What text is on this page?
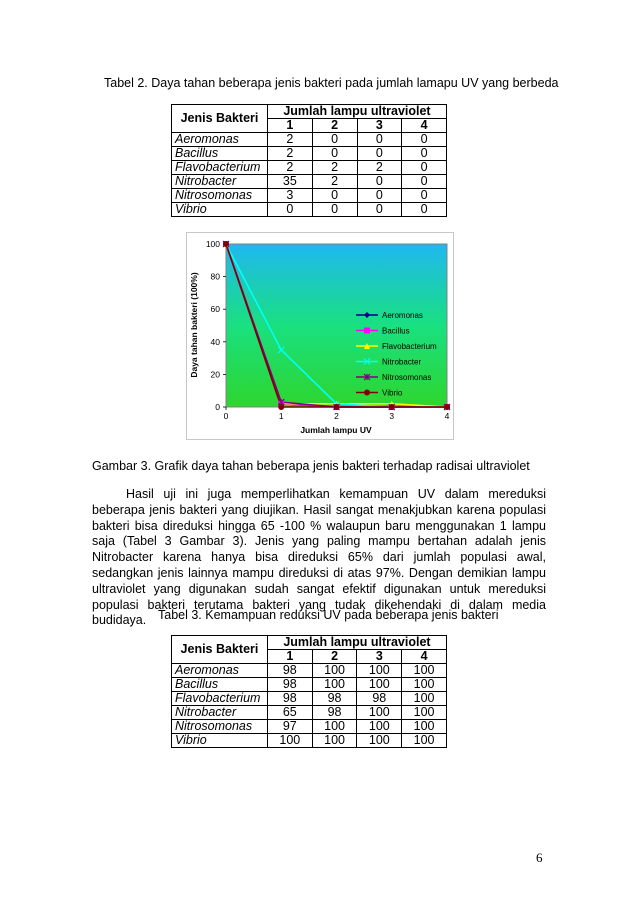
Tabel 2. Daya tahan beberapa jenis bakteri pada jumlah lamapu UV yang berbeda
Jenis Bakteri	Jumlah lampu ultraviolet			
	1	2	3	4
Aeromonas	2	0	0	0
Bacillus	2	0	0	0
Flavobacterium	2	2	2	0
Nitrobacter	35	2	0	0
Nitrosomonas	3	0	0	0
Vibrio	0	0	0	0
0
20
40
60
80
100
0	1	2	3	4
Aeromonas
Bacillus
Flavobacterium
Nitrobacter
Nitrosomonas
Vibrio
Daya tahan bakteri (100%)
Jumlah lampu UV
Gambar 3. Grafik daya tahan beberapa jenis bakteri terhadap radisai ultraviolet

Hasil uji ini juga memperlihatkan kemampuan UV dalam mereduksi beberapa jenis bakteri yang diujikan. Hasil sangat menakjubkan karena populasi bakteri bisa direduksi hingga 65 -100 % walaupun baru menggunakan 1 lampu saja (Tabel 3 Gambar 3). Jenis yang paling mampu bertahan adalah jenis Nitrobacter karena hanya bisa direduksi 65% dari jumlah populasi awal, sedangkan jenis lainnya mampu direduksi di atas 97%. Dengan demikian lampu ultraviolet yang digunakan sudah sangat efektif digunakan untuk mereduksi populasi bakteri terutama bakteri yang tudak dikehendaki di dalam media budidaya. Tabel 3. Kemampuan reduksi UV pada beberapa jenis bakteri
Jenis Bakteri	Jumlah lampu ultraviolet			
	1	2	3	4
Aeromonas	98	100	100	100
Bacillus	98	100	100	100
Flavobacterium	98	98	98	100
Nitrobacter	65	98	100	100
Nitrosomonas	97	100	100	100
Vibrio	100	100	100	100
6
